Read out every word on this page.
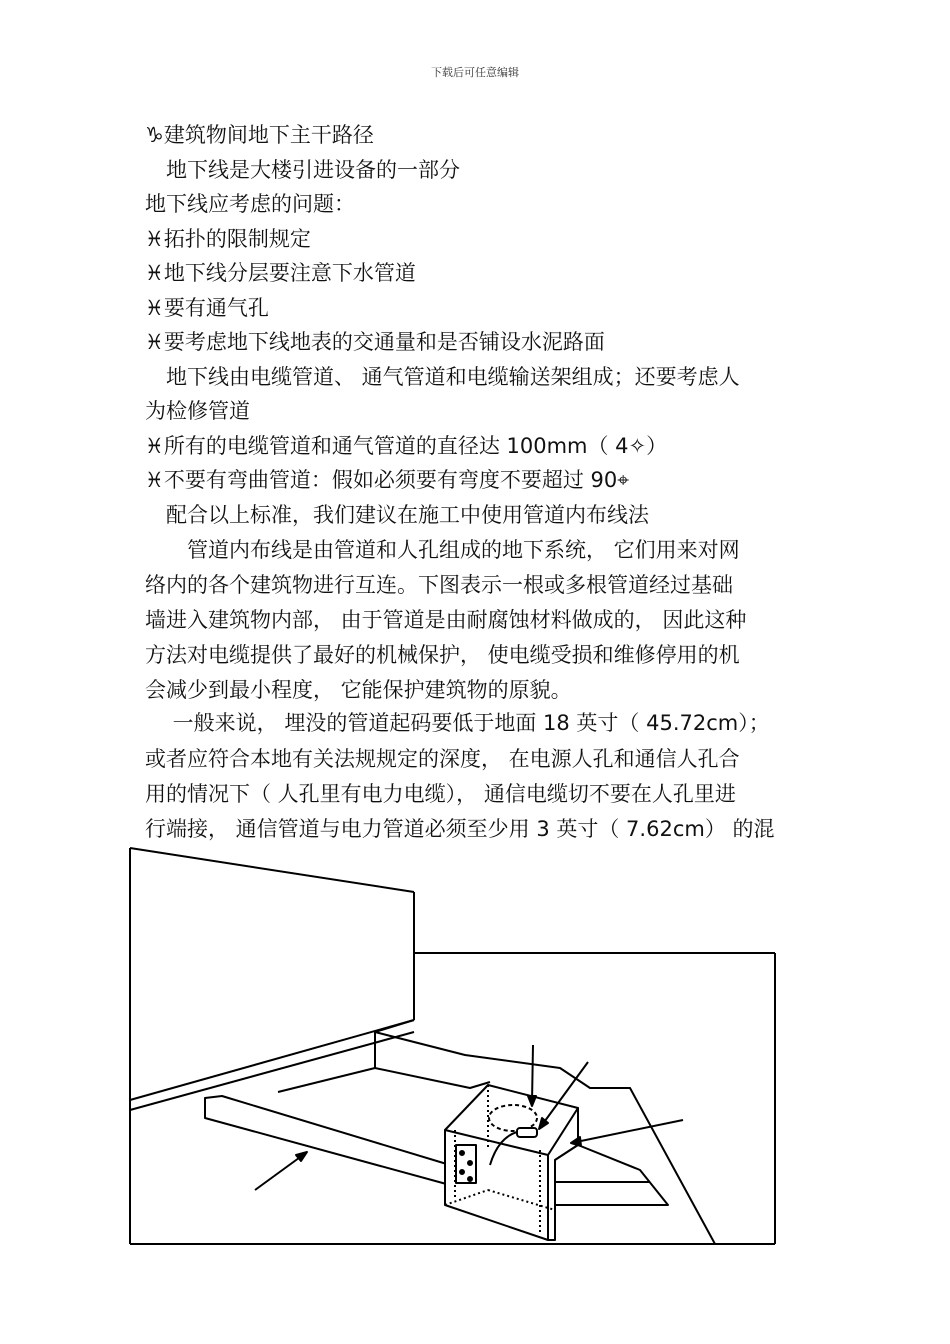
下载后可任意编辑
♑建筑物间地下主干路径
　地下线是大楼引进设备的一部分
地下线应考虑的问题：
♓拓扑的限制规定
♓地下线分层要注意下水管道
♓要有通气孔
♓要考虑地下线地表的交通量和是否铺设水泥路面
　地下线由电缆管道、 通气管道和电缆输送架组成；还要考虑人
为检修管道
♓所有的电缆管道和通气管道的直径达 100mm（ 4✧）
♓不要有弯曲管道：假如必须要有弯度不要超过 90⌖
　配合以上标准，我们建议在施工中使用管道内布线法
　　管道内布线是由管道和人孔组成的地下系统， 它们用来对网
络内的各个建筑物进行互连。下图表示一根或多根管道经过基础
墙进入建筑物内部， 由于管道是由耐腐蚀材料做成的， 因此这种
方法对电缆提供了最好的机械保护， 使电缆受损和维修停用的机
会减少到最小程度， 它能保护建筑物的原貌。
　 一般来说， 埋没的管道起码要低于地面 18 英寸（ 45.72cm）；
或者应符合本地有关法规规定的深度， 在电源人孔和通信人孔合
用的情况下（ 人孔里有电力电缆）， 通信电缆切不要在人孔里进
行端接， 通信管道与电力管道必须至少用 3 英寸（ 7.62cm） 的混
